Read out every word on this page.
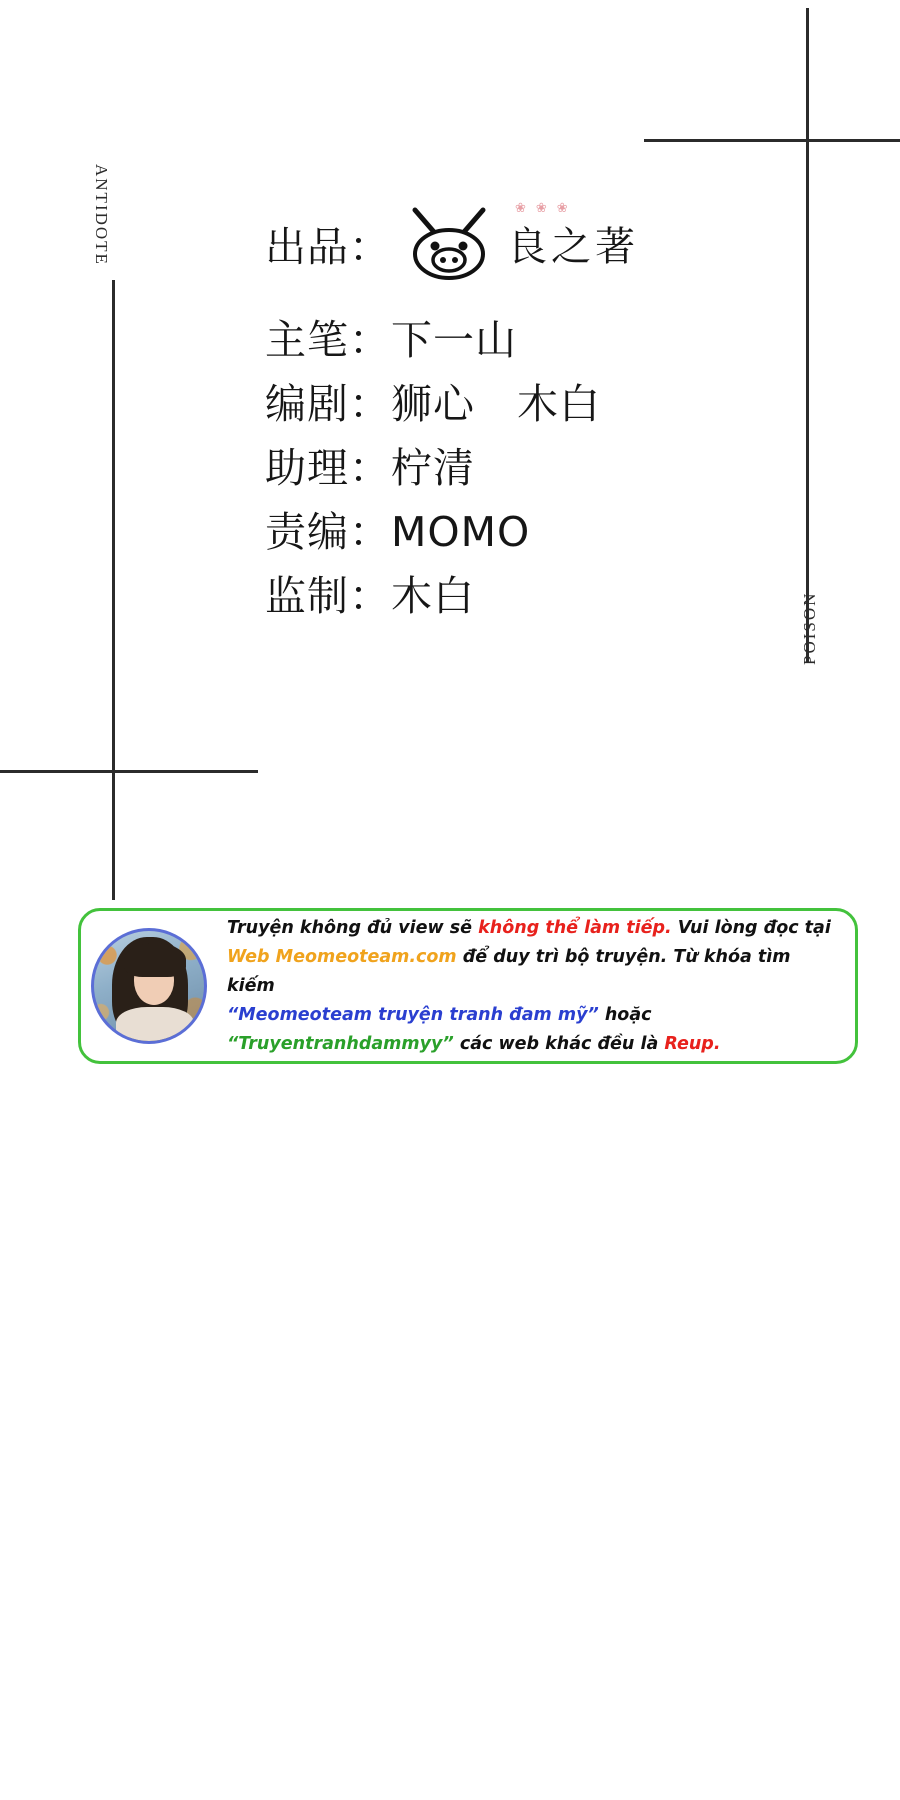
ANTIDOTE
POISON
出品：
❀❀❀
良之著
主笔：下一山
编剧：狮心　木白
助理：柠清
责编：MOMO
监制：木白
Truyện không đủ view sẽ không thể làm tiếp. Vui lòng đọc tại
Web Meomeoteam.com để duy trì bộ truyện. Từ khóa tìm kiếm
“Meomeoteam truyện tranh đam mỹ” hoặc
“Truyentranhdammyy” các web khác đều là Reup.
